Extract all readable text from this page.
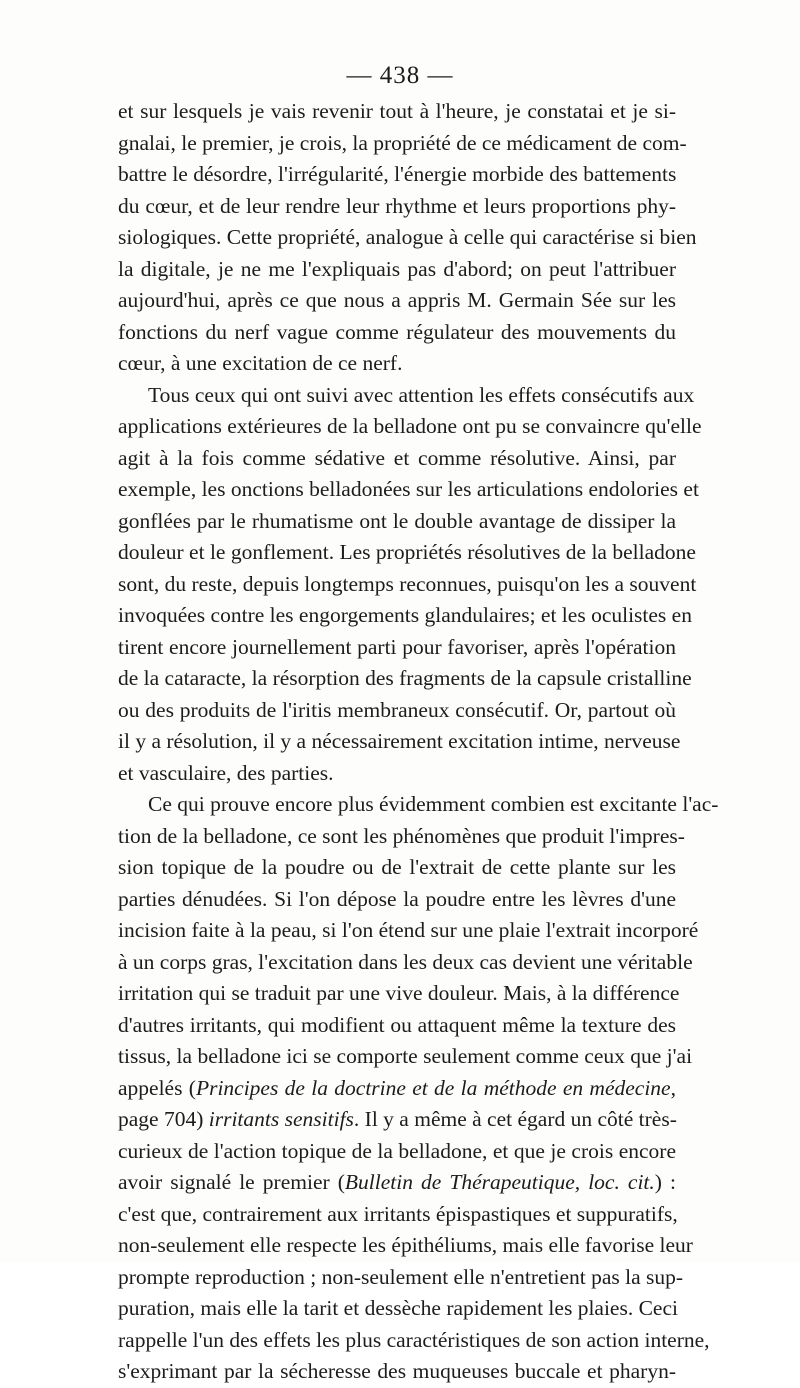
— 438 —
et sur lesquels je vais revenir tout à l'heure, je constatai et je si-
gnalai, le premier, je crois, la propriété de ce médicament de com-
battre le désordre, l'irrégularité, l'énergie morbide des battements
du cœur, et de leur rendre leur rhythme et leurs proportions phy-
siologiques. Cette propriété, analogue à celle qui caractérise si bien
la digitale, je ne me l'expliquais pas d'abord; on peut l'attribuer
aujourd'hui, après ce que nous a appris M. Germain Sée sur les
fonctions du nerf vague comme régulateur des mouvements du
cœur, à une excitation de ce nerf.
Tous ceux qui ont suivi avec attention les effets consécutifs aux
applications extérieures de la belladone ont pu se convaincre qu'elle
agit à la fois comme sédative et comme résolutive. Ainsi, par
exemple, les onctions belladonées sur les articulations endolories et
gonflées par le rhumatisme ont le double avantage de dissiper la
douleur et le gonflement. Les propriétés résolutives de la belladone
sont, du reste, depuis longtemps reconnues, puisqu'on les a souvent
invoquées contre les engorgements glandulaires; et les oculistes en
tirent encore journellement parti pour favoriser, après l'opération
de la cataracte, la résorption des fragments de la capsule cristalline
ou des produits de l'iritis membraneux consécutif. Or, partout où
il y a résolution, il y a nécessairement excitation intime, nerveuse
et vasculaire, des parties.
Ce qui prouve encore plus évidemment combien est excitante l'ac-
tion de la belladone, ce sont les phénomènes que produit l'impres-
sion topique de la poudre ou de l'extrait de cette plante sur les
parties dénudées. Si l'on dépose la poudre entre les lèvres d'une
incision faite à la peau, si l'on étend sur une plaie l'extrait incorporé
à un corps gras, l'excitation dans les deux cas devient une véritable
irritation qui se traduit par une vive douleur. Mais, à la différence
d'autres irritants, qui modifient ou attaquent même la texture des
tissus, la belladone ici se comporte seulement comme ceux que j'ai
appelés (Principes de la doctrine et de la méthode en médecine,
page 704) irritants sensitifs. Il y a même à cet égard un côté très-
curieux de l'action topique de la belladone, et que je crois encore
avoir signalé le premier (Bulletin de Thérapeutique, loc. cit.) :
c'est que, contrairement aux irritants épispastiques et suppuratifs,
non-seulement elle respecte les épithéliums, mais elle favorise leur
prompte reproduction ; non-seulement elle n'entretient pas la sup-
puration, mais elle la tarit et dessèche rapidement les plaies. Ceci
rappelle l'un des effets les plus caractéristiques de son action interne,
s'exprimant par la sécheresse des muqueuses buccale et pharyn-
